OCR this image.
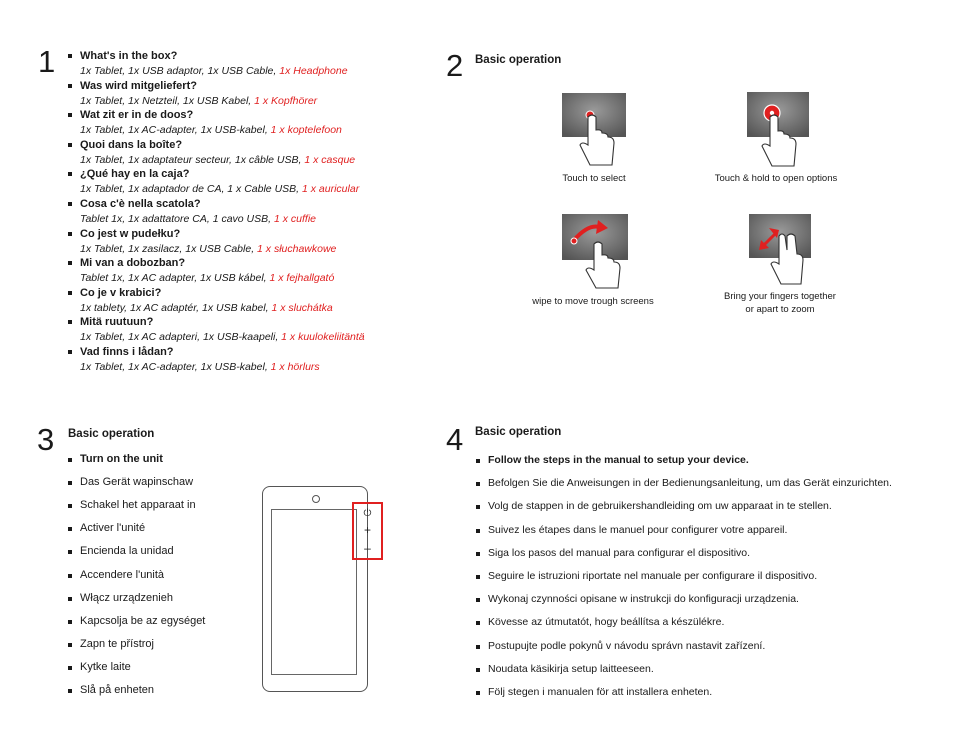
1 What's in the box?
1x Tablet, 1x USB adaptor, 1x USB Cable, 1x Headphone
Was wird mitgeliefert?
1x Tablet, 1x Netzteil, 1x USB Kabel, 1 x Kopfhörer
Wat zit er in de doos?
1x Tablet, 1x AC-adapter, 1x USB-kabel, 1 x koptelefoon
Quoi dans la boîte?
1x Tablet, 1x adaptateur secteur, 1x câble USB, 1 x casque
¿Qué hay en la caja?
1x Tablet, 1x adaptador de CA, 1 x Cable USB, 1 x auricular
Cosa c'è nella scatola?
Tablet 1x, 1x adattatore CA, 1 cavo USB, 1 x cuffie
Co jest w pudełku?
1x Tablet, 1x zasilacz, 1x USB Cable, 1 x słuchawkowe
Mi van a dobozban?
Tablet 1x, 1x AC adapter, 1x USB kábel, 1 x fejhallgató
Co je v krabici?
1x tablety, 1x AC adaptér, 1x USB kabel, 1 x sluchátka
Mitä ruutuun?
1x Tablet, 1x AC adapteri, 1x USB-kaapeli, 1 x kuulokeliitäntä
Vad finns i lådan?
1x Tablet, 1x AC-adapter, 1x USB-kabel, 1 x hörlurs
2 Basic operation
Touch to select	Touch & hold to open options
wipe to move trough screens	Bring your fingers together
or apart to zoom
3 Basic operation
Turn on the unit
Das Gerät wapinschaw
Schakel het apparaat in
Activer l'unité
Encienda la unidad
Accendere l'unità
Włącz urządzenieh
Kapcsolja be az egységet
Zapn te přístroj
Kytke laite
Slå på enheten
⏻
+
–
4 Basic operation
Follow the steps in the manual to setup your device.
Befolgen Sie die Anweisungen in der Bedienungsanleitung, um das Gerät einzurichten.
Volg de stappen in de gebruikershandleiding om uw apparaat in te stellen.
Suivez les étapes dans le manuel pour configurer votre appareil.
Siga los pasos del manual para configurar el dispositivo.
Seguire le istruzioni riportate nel manuale per configurare il dispositivo.
Wykonaj czynności opisane w instrukcji do konfiguracji urządzenia.
Kövesse az útmutatót, hogy beállítsa a készülékre.
Postupujte podle pokynů v návodu správn nastavit zařízení.
Noudata käsikirja setup laitteeseen.
Följ stegen i manualen för att installera enheten.
